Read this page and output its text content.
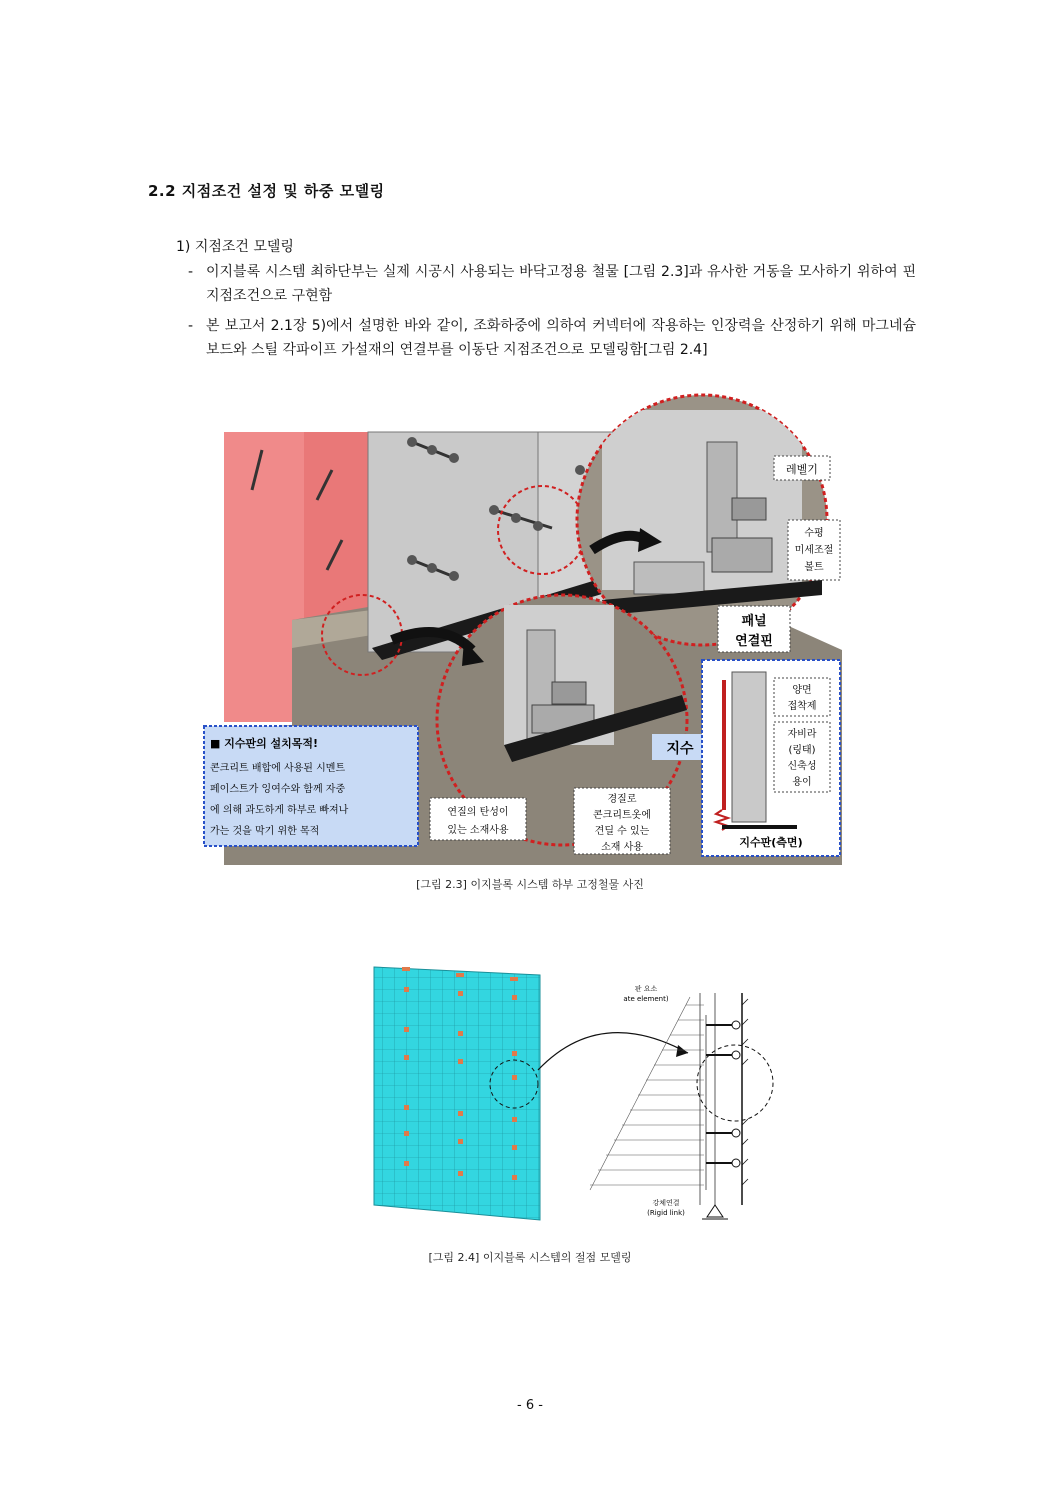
2.2 지점조건 설정 및 하중 모델링
1) 지점조건 모델링
- 이지블록 시스템 최하단부는 실제 시공시 사용되는 바닥고정용 철물 [그림 2.3]과 유사한 거동을 모사하기 위하여 핀 지점조건으로 구현함
- 본 보고서 2.1장 5)에서 설명한 바와 같이, 조화하중에 의하여 커넥터에 작용하는 인장력을 산정하기 위해 마그네슘보드와 스틸 각파이프 가설재의 연결부를 이동단 지점조건으로 모델링함[그림 2.4]
레벨기
수평
미세조절
볼트
패널
연결핀
■ 지수판의 설치목적!
콘크리트 배합에 사용된 시멘트
페이스트가 잉여수와 함께 자중
에 의해 과도하게 하부로 빠져나
가는 것을 막기 위한 목적
연질의 탄성이
있는 소재사용
경질로
콘크리트옷에
견딜 수 있는
소재 사용
지수
양면
접착제
자비라
(링태)
신축성
용이
지수판(측면)
[그림 2.3] 이지블록 시스템 하부 고정철물 사진
판 요소
ate element)
강체연결
(Rigid link)
[그림 2.4] 이지블록 시스템의 절점 모델링
- 6 -
